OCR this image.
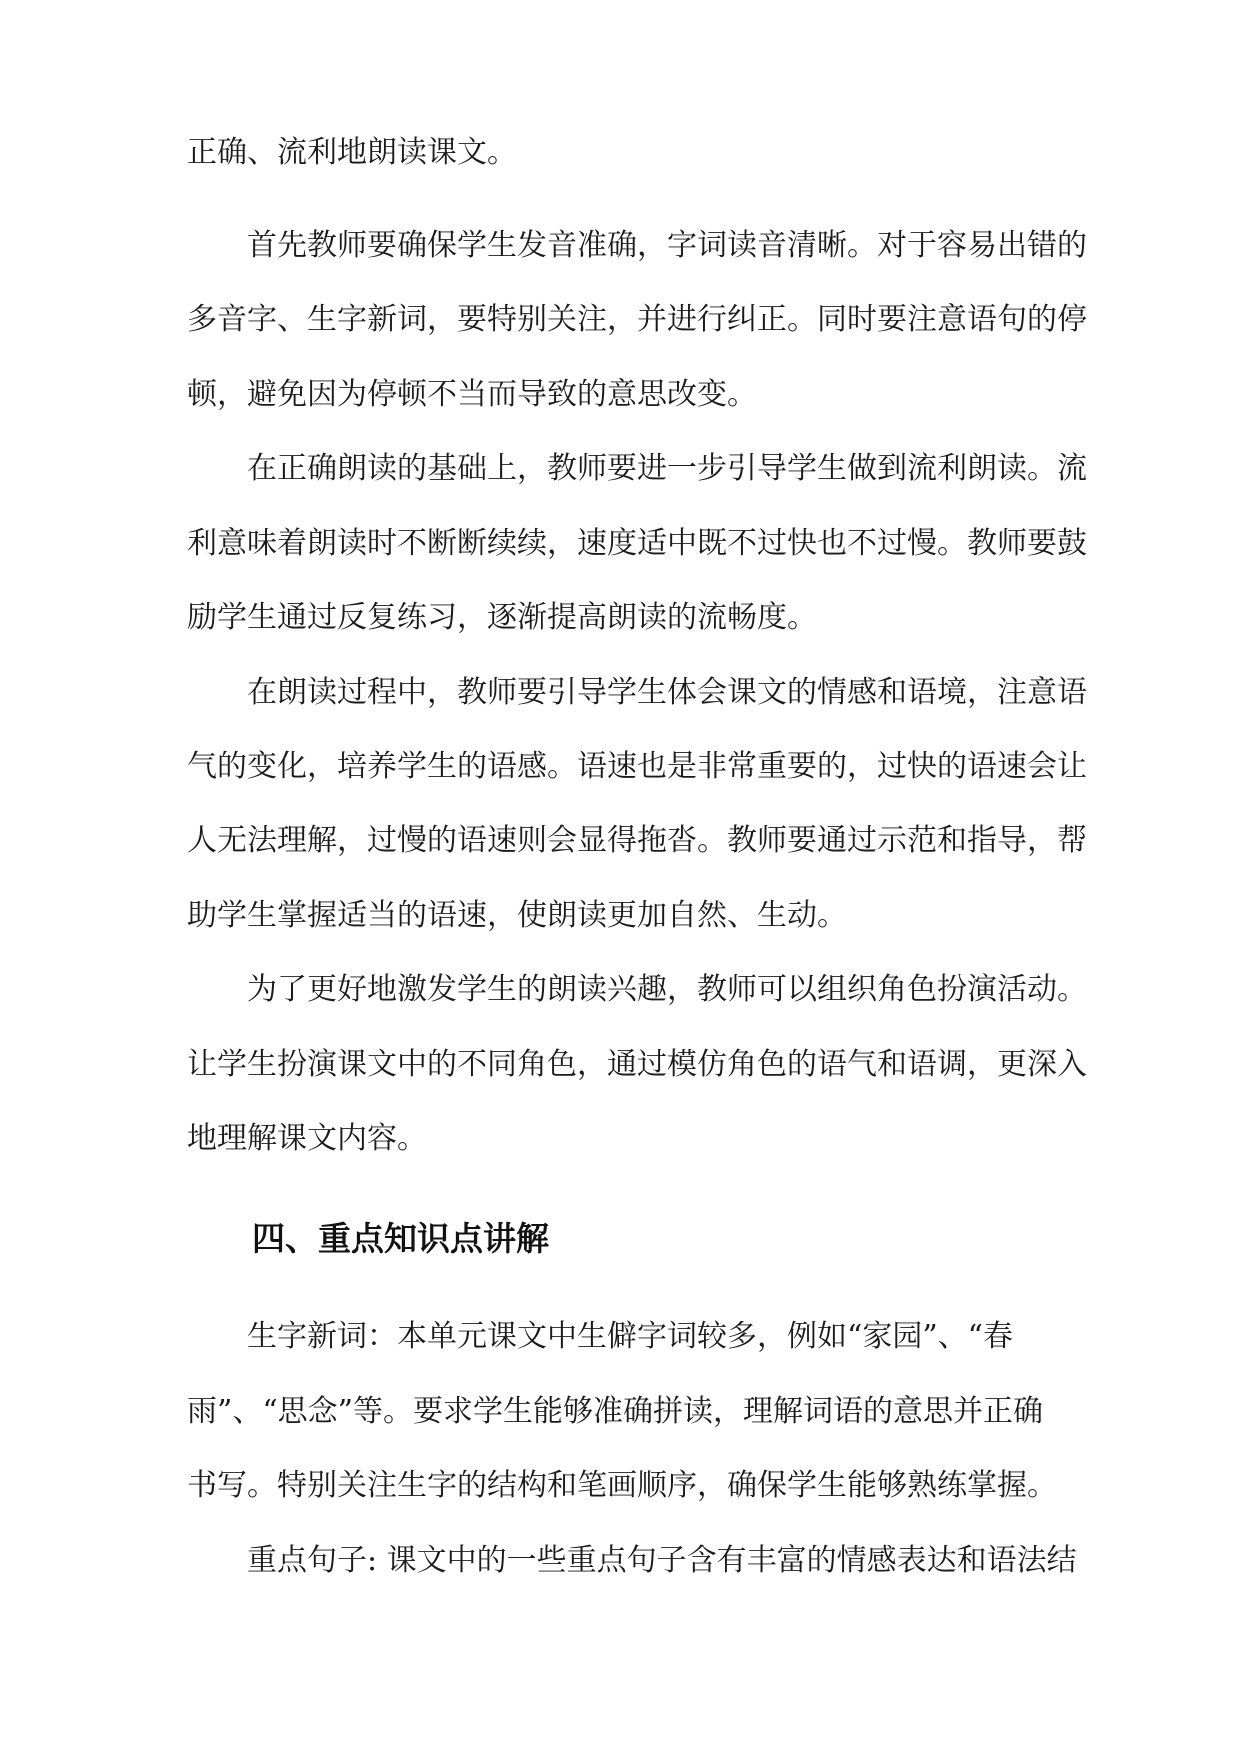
正确、流利地朗读课文。
首先教师要确保学生发音准确，字词读音清晰。对于容易出错的
多音字、生字新词，要特别关注，并进行纠正。同时要注意语句的停
顿，避免因为停顿不当而导致的意思改变。
在正确朗读的基础上，教师要进一步引导学生做到流利朗读。流
利意味着朗读时不断断续续，速度适中既不过快也不过慢。教师要鼓
励学生通过反复练习，逐渐提高朗读的流畅度。
在朗读过程中，教师要引导学生体会课文的情感和语境，注意语
气的变化，培养学生的语感。语速也是非常重要的，过快的语速会让
人无法理解，过慢的语速则会显得拖沓。教师要通过示范和指导，帮
助学生掌握适当的语速，使朗读更加自然、生动。
为了更好地激发学生的朗读兴趣，教师可以组织角色扮演活动。
让学生扮演课文中的不同角色，通过模仿角色的语气和语调，更深入
地理解课文内容。
四、重点知识点讲解
生字新词：本单元课文中生僻字词较多，例如“家园”、“春
雨”、“思念”等。要求学生能够准确拼读，理解词语的意思并正确
书写。特别关注生字的结构和笔画顺序，确保学生能够熟练掌握。
重点句子: 课文中的一些重点句子含有丰富的情感表达和语法结
